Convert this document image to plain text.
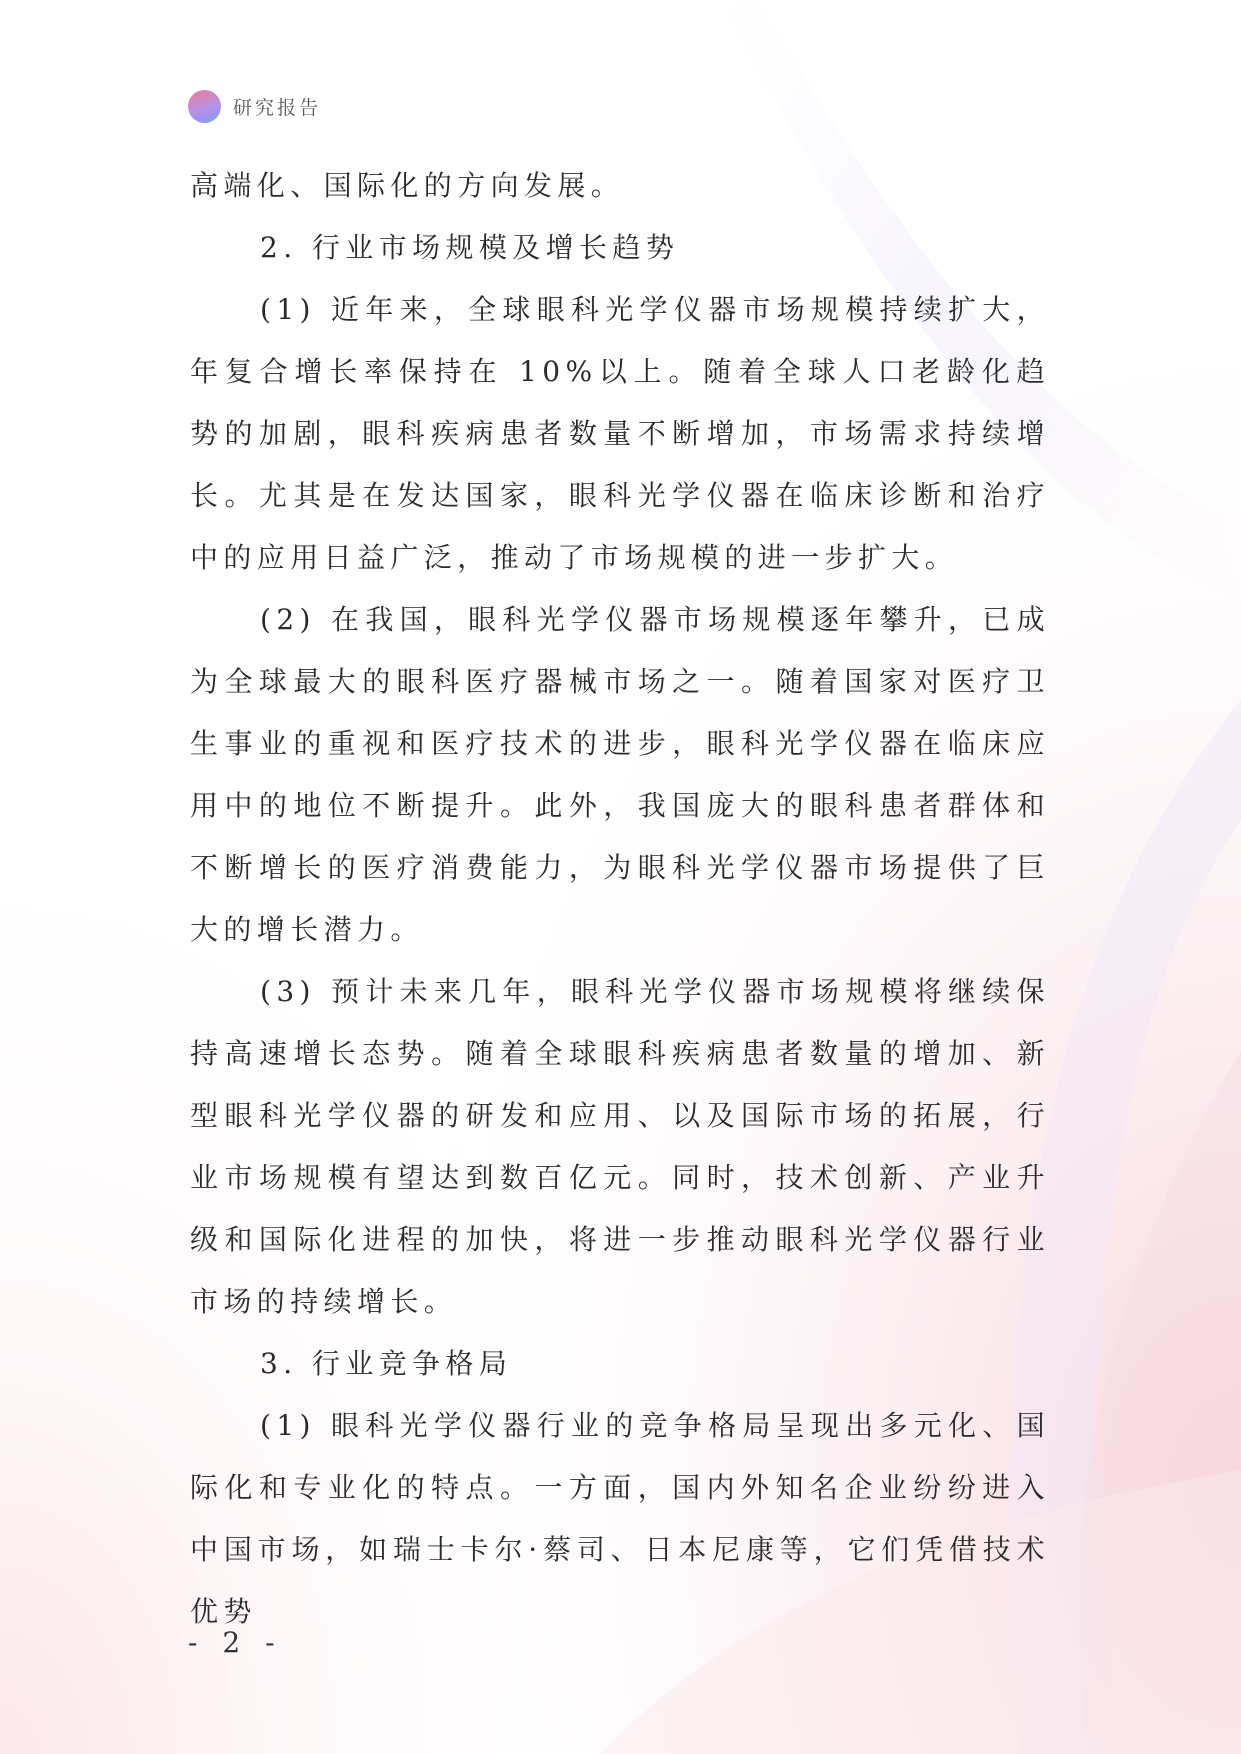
研究报告

高端化、国际化的方向发展。

2. 行业市场规模及增长趋势

(1) 近年来，全球眼科光学仪器市场规模持续扩大，年复合增长率保持在 10%以上。随着全球人口老龄化趋势的加剧，眼科疾病患者数量不断增加，市场需求持续增长。尤其是在发达国家，眼科光学仪器在临床诊断和治疗中的应用日益广泛，推动了市场规模的进一步扩大。

(2) 在我国，眼科光学仪器市场规模逐年攀升，已成为全球最大的眼科医疗器械市场之一。随着国家对医疗卫生事业的重视和医疗技术的进步，眼科光学仪器在临床应用中的地位不断提升。此外，我国庞大的眼科患者群体和不断增长的医疗消费能力，为眼科光学仪器市场提供了巨大的增长潜力。

(3) 预计未来几年，眼科光学仪器市场规模将继续保持高速增长态势。随着全球眼科疾病患者数量的增加、新型眼科光学仪器的研发和应用、以及国际市场的拓展，行业市场规模有望达到数百亿元。同时，技术创新、产业升级和国际化进程的加快，将进一步推动眼科光学仪器行业市场的持续增长。

3. 行业竞争格局

(1) 眼科光学仪器行业的竞争格局呈现出多元化、国际化和专业化的特点。一方面，国内外知名企业纷纷进入中国市场，如瑞士卡尔·蔡司、日本尼康等，它们凭借技术优势

- 2 -
